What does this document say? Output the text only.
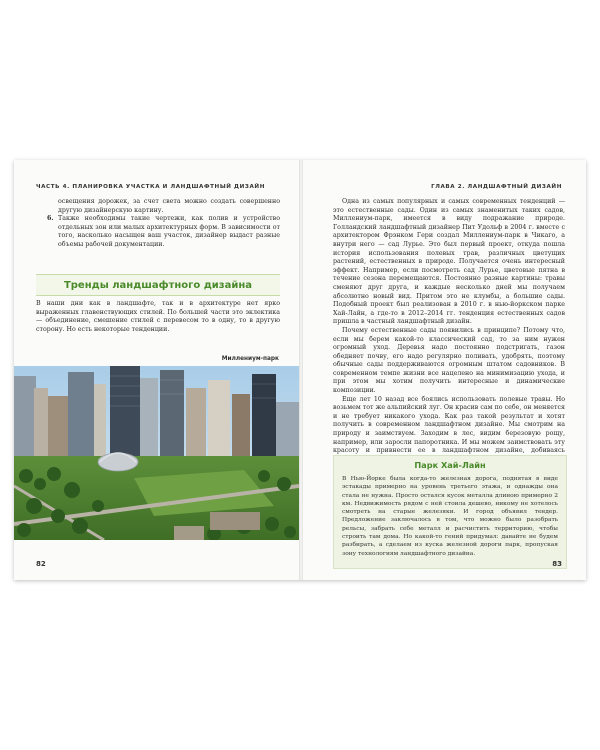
ЧАСТЬ 4. ПЛАНИРОВКА УЧАСТКА И ЛАНДШАФТНЫЙ ДИЗАЙН
освещения дорожек, за счет света можно создать совершенно другую дизайнерскую картину.
6. Также необходимы такие чертежи, как полив и устройство отдельных зон или малых архитектурных форм. В зависимости от того, насколько насыщен ваш участок, дизайнер выдаст разные объемы рабочей документации.
Тренды ландшафтного дизайна

В наши дни как в ландшафте, так и в архитектуре нет ярко выраженных главенствующих стилей. По большей части это эклектика — объединение, смешение стилей с перевесом то в одну, то в другую сторону. Но есть некоторые тенденции.

Миллениум-парк
82
ГЛАВА 2. ЛАНДШАФТНЫЙ ДИЗАЙН

Одна из самых популярных и самых современных тенденций — это естественные сады. Один из самых знаменитых таких садов, Миллениум-парк, имеется в виду подражание природе. Голландский ландшафтный дизайнер Пит Удольф в 2004 г. вместе с архитектором Фрэнком Гери создал Миллениум-парк в Чикаго, а внутри него — сад Лурье. Это был первый проект, откуда пошла история использования полевых трав, различных цветущих растений, естественных в природе. Получается очень интересный эффект. Например, если посмотреть сад Лурье, цветовые пятна в течение сезона перемещаются. Постоянно разные картины: травы сменяют друг друга, и каждые несколько дней мы получаем абсолютно новый вид. Притом это не клумбы, а большие сады. Подобный проект был реализован в 2010 г. в нью-йоркском парке Хай-Лайн, а где-то в 2012–2014 гг. тенденция естественных садов пришла в частный ландшафтный дизайн.

Почему естественные сады появились в принципе? Потому что, если мы берем какой-то классический сад, то за ним нужен огромный уход. Деревья надо постоянно подстригать, газон обедняет почву, его надо регулярно поливать, удобрять, поэтому обычные сады поддерживаются огромным штатом садовников. В современном темпе жизни все нацелено на минимизацию ухода, и при этом мы хотим получить интересные и динамические композиции.

Еще лет 10 назад все боялись использовать полевые травы. Но возьмем тот же альпийский луг. Он красив сам по себе, он меняется и не требует никакого ухода. Как раз такой результат и хотят получить в современном ландшафтном дизайне. Мы смотрим на природу и заимствуем. Заходим в лес, видим березовую рощу, например, или заросли папоротника. И мы можем заимствовать эту красоту и привнести ее в ландшафтном дизайне, добиваясь

Парк Хай-Лайн
В Нью-Йорке была когда-то железная дорога, поднятая в виде эстакады примерно на уровень третьего этажа, и однажды она стала не нужна. Просто остался кусок металла длиною примерно 2 км. Недвижимость рядом с ней стоила дешево, никому не хотелось смотреть на старые железяки. И город объявил тендер. Предложение заключалось в том, что можно было разобрать рельсы, забрать себе металл и расчистить территорию, чтобы строить там дома. Но какой-то гений придумал: давайте не будем разбирать, а сделаем из куска железной дороги парк, пропуская зону технологиям ландшафтного дизайна.
83
